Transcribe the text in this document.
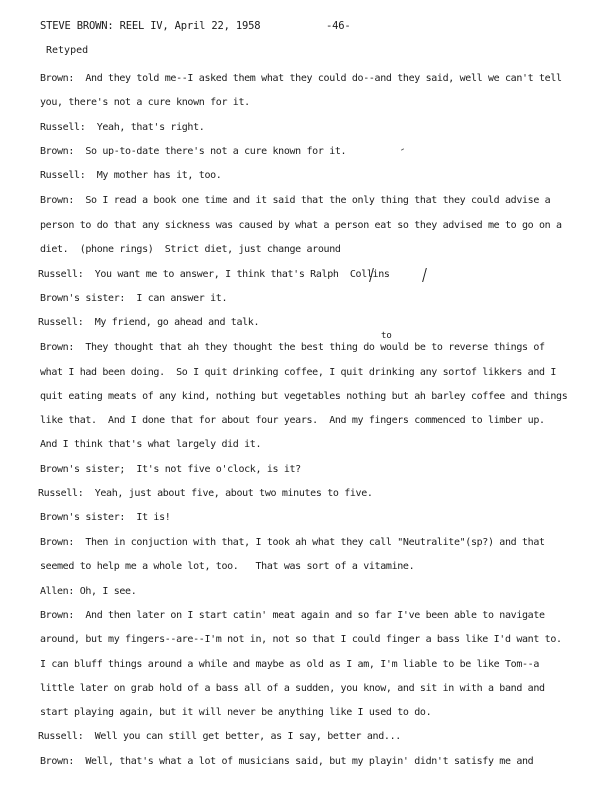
STEVE BROWN: REEL IV, April 22, 1958	-46-
Retyped
to
Brown:  And they told me--I asked them what they could do--and they said, well we can't tell
you, there's not a cure known for it.
Russell:  Yeah, that's right.
Brown:  So up-to-date there's not a cure known for it.
Russell:  My mother has it, too.
Brown:  So I read a book one time and it said that the only thing that they could advise a
person to do that any sickness was caused by what a person eat so they advised me to go on a
diet.  (phone rings)  Strict diet, just change around
Russell:  You want me to answer, I think that's Ralph  Collins
Brown's sister:  I can answer it.
Russell:  My friend, go ahead and talk.
Brown:  They thought that ah they thought the best thing do would be to reverse things of
what I had been doing.  So I quit drinking coffee, I quit drinking any sortof likkers and I
quit eating meats of any kind, nothing but vegetables nothing but ah barley coffee and things
like that.  And I done that for about four years.  And my fingers commenced to limber up.
And I think that's what largely did it.
Brown's sister;  It's not five o'clock, is it?
Russell:  Yeah, just about five, about two minutes to five.
Brown's sister:  It is!
Brown:  Then in conjuction with that, I took ah what they call "Neutralite"(sp?) and that
seemed to help me a whole lot, too.   That was sort of a vitamine.
Allen: Oh, I see.
Brown:  And then later on I start catin' meat again and so far I've been able to navigate
around, but my fingers--are--I'm not in, not so that I could finger a bass like I'd want to.
I can bluff things around a while and maybe as old as I am, I'm liable to be like Tom--a
little later on grab hold of a bass all of a sudden, you know, and sit in with a band and
start playing again, but it will never be anything like I used to do.
Russell:  Well you can still get better, as I say, better and...
Brown:  Well, that's what a lot of musicians said, but my playin' didn't satisfy me and
